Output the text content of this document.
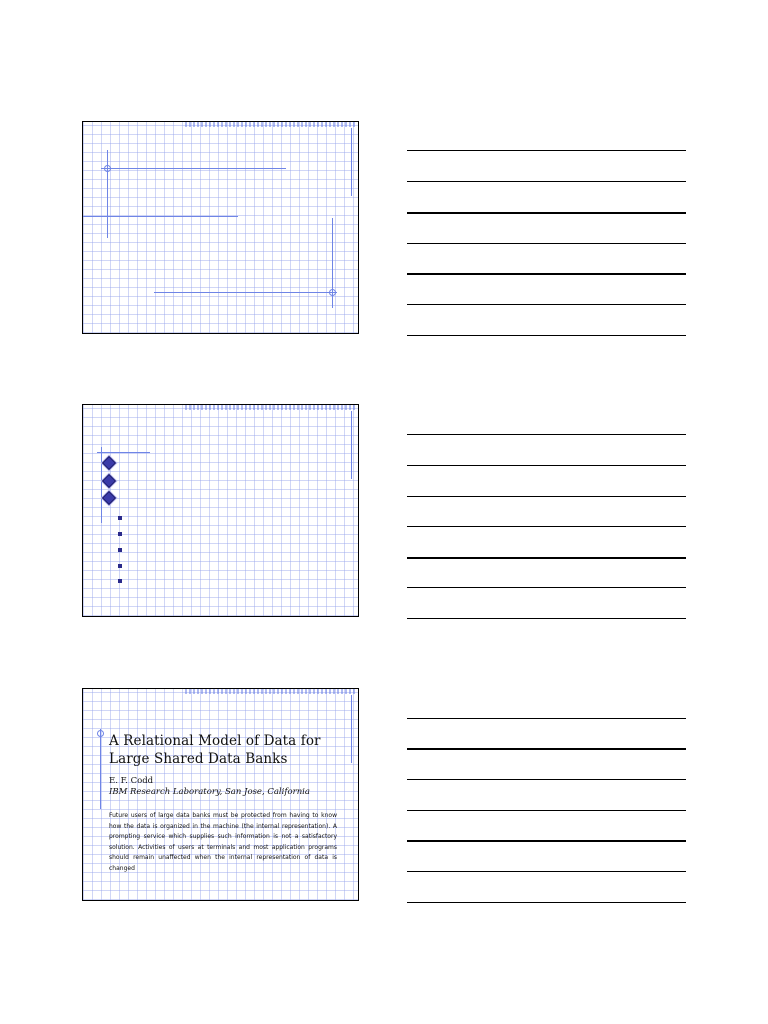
A Relational Model of Data for
Large Shared Data Banks
E. F. Codd
IBM Research Laboratory, San Jose, California
Future users of large data banks must be protected from having to know how the data is organized in the machine (the internal representation). A prompting service which supplies such information is not a satisfactory solution. Activities of users at terminals and most application programs should remain unaffected when the internal representation of data is changed
